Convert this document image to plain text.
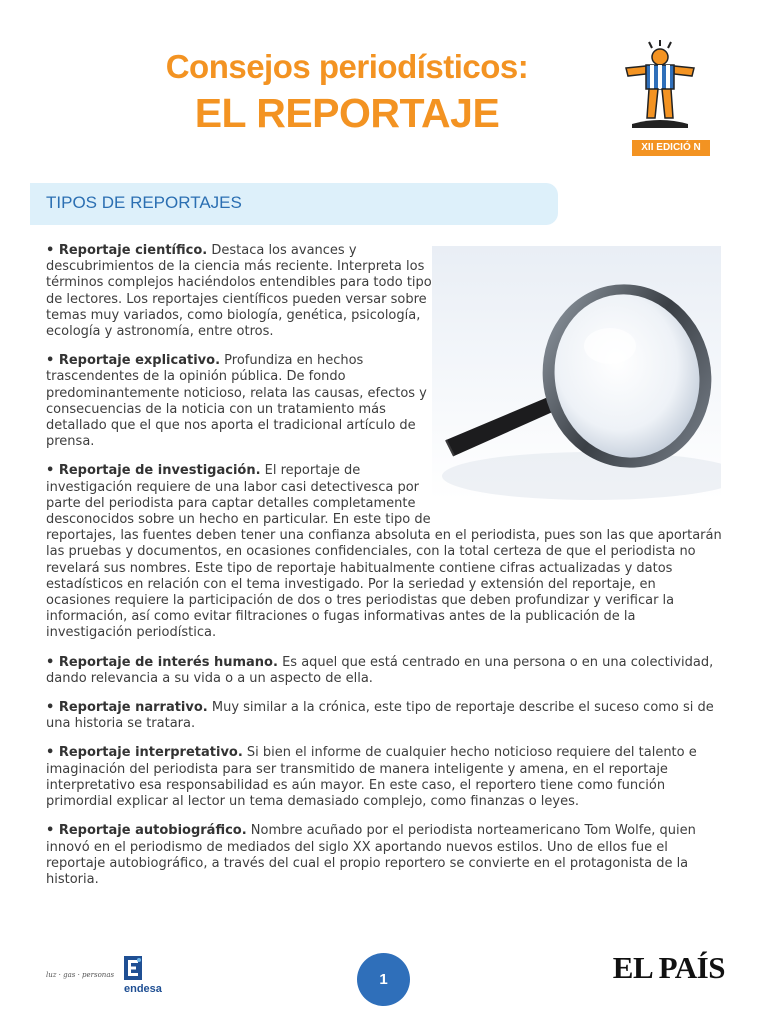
Consejos periodísticos:
EL REPORTAJE
XII EDICIÓ N
TIPOS DE REPORTAJES

• Reportaje científico. Destaca los avances y descubrimientos de la ciencia más reciente. Interpreta los términos complejos haciéndolos entendibles para todo tipo de lectores. Los reportajes científicos pueden versar sobre temas muy variados, como biología, genética, psicología, ecología y astronomía, entre otros.

• Reportaje explicativo. Profundiza en hechos trascendentes de la opinión pública. De fondo predominantemente noticioso, relata las causas, efectos y consecuencias de la noticia con un tratamiento más detallado que el que nos aporta el tradicional artículo de prensa.

• Reportaje de investigación. El reportaje de investigación requiere de una labor casi detectivesca por parte del periodista para captar detalles completamente desconocidos sobre un hecho en particular. En este tipo de reportajes, las fuentes deben tener una confianza absoluta en el periodista, pues son las que aportarán las pruebas y documentos, en ocasiones confidenciales, con la total certeza de que el periodista no revelará sus nombres. Este tipo de reportaje habitualmente contiene cifras actualizadas y datos estadísticos en relación con el tema investigado. Por la seriedad y extensión del reportaje, en ocasiones requiere la participación de dos o tres periodistas que deben profundizar y verificar la información, así como evitar filtraciones o fugas informativas antes de la publicación de la investigación periodística.

• Reportaje de interés humano. Es aquel que está centrado en una persona o en una colectividad, dando relevancia a su vida o a un aspecto de ella.

• Reportaje narrativo. Muy similar a la crónica, este tipo de reportaje describe el suceso como si de una historia se tratara.

• Reportaje interpretativo. Si bien el informe de cualquier hecho noticioso requiere del talento e imaginación del periodista para ser transmitido de manera inteligente y amena, en el reportaje interpretativo esa responsabilidad es aún mayor. En este caso, el reportero tiene como función primordial explicar al lector un tema demasiado complejo, como finanzas o leyes.

• Reportaje autobiográfico. Nombre acuñado por el periodista norteamericano Tom Wolfe, quien innovó en el periodismo de mediados del siglo XX aportando nuevos estilos. Uno de ellos fue el reportaje autobiográfico, a través del cual el propio reportero se convierte en el protagonista de la historia.

luz · gas · personas
endesa
1	EL PAÍS
